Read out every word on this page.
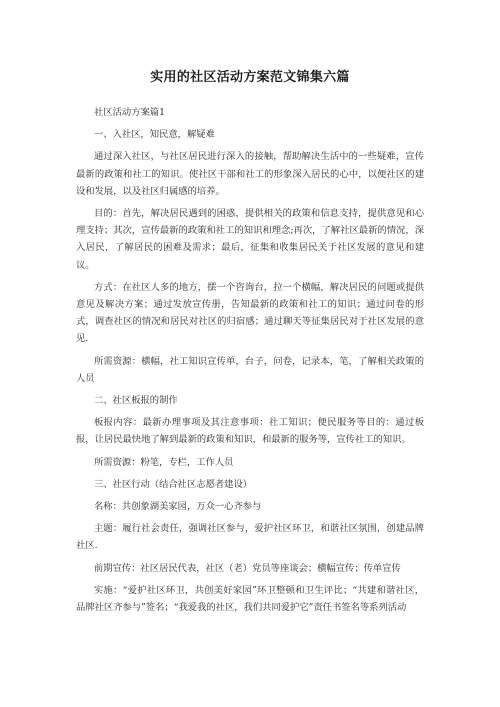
实用的社区活动方案范文锦集六篇

社区活动方案篇1

一、入社区，知民意，解疑难

通过深入社区，与社区居民进行深入的接触，帮助解决生活中的一些疑难，宣传最新的政策和社工的知识。使社区干部和社工的形象深入居民的心中，以便社区的建设和发展，以及社区归属感的培养。

目的：首先，解决居民遇到的困惑，提供相关的政策和信息支持，提供意见和心理支持；其次，宣传最新的政策和社工的知识和理念;再次，了解社区最新的情况，深入居民，了解居民的困难及需求；最后，征集和收集居民关于社区发展的意见和建议。

方式：在社区人多的地方，摆一个咨询台，拉一个横幅，解决居民的问题或提供意见及解决方案；通过发放宣传册，告知最新的政策和社工的知识；通过问卷的形式，调查社区的情况和居民对社区的归宿感；通过聊天等征集居民对于社区发展的意见.

所需资源：横幅，社工知识宣传单，台子，问卷，记录本，笔，了解相关政策的人员

二、社区板报的制作

板报内容：最新办理事项及其注意事项：社工知识；便民服务等目的：通过板报，让居民最快地了解到最新的政策和知识，和最新的服务等，宣传社工的知识。

所需资源：粉笔，专栏，工作人员

三、社区行动（结合社区志愿者建设）

名称：共创象湖美家园，万众一心齐参与

主题：履行社会责任，强调社区参与，爱护社区环卫，和谐社区氛围，创建品牌社区.

前期宣传：社区居民代表，社区（老）党员等座谈会；横幅宣传；传单宣传

实施：“爱护社区环卫，共创美好家园”环卫整顿和卫生评比；“共建和谐社区，品牌社区齐参与”签名；“我爱我的社区，我们共同爱护它”责任书签名等系列活动
